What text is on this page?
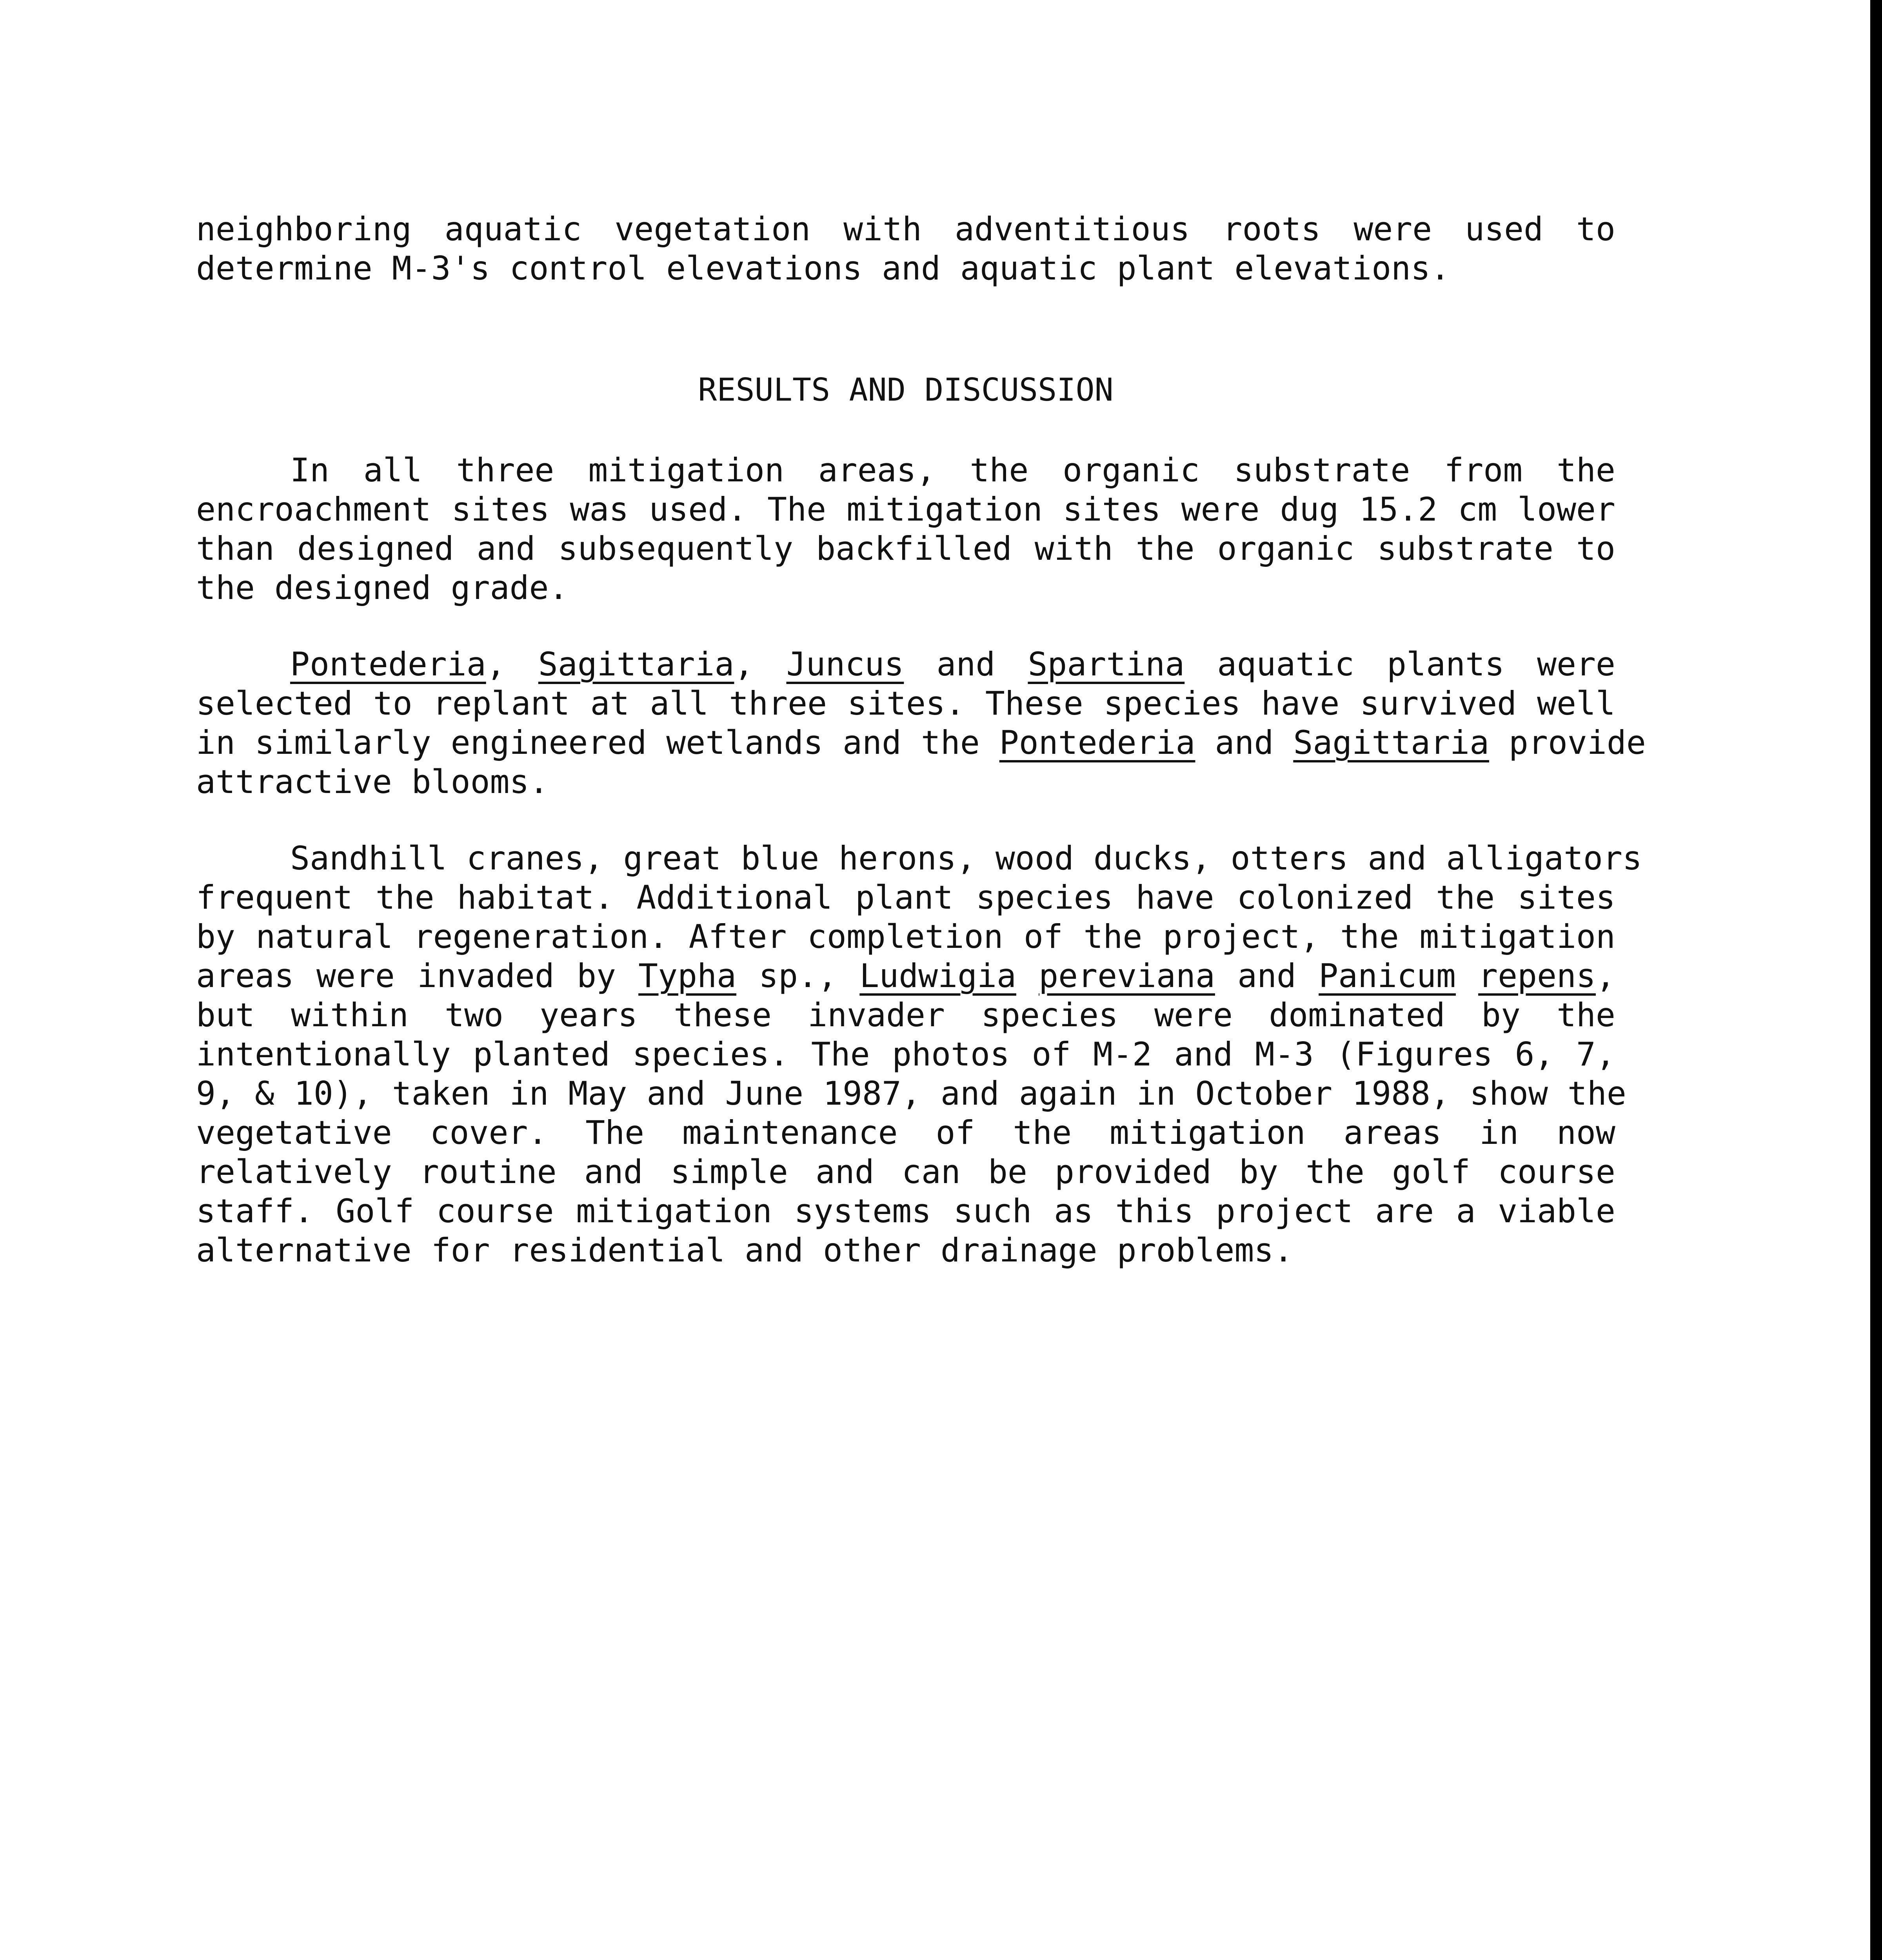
neighboring aquatic vegetation with adventitious roots were used to
determine M-3's control elevations and aquatic plant elevations.
RESULTS AND DISCUSSION
In all three mitigation areas, the organic substrate from the
encroachment sites was used. The mitigation sites were dug 15.2 cm lower
than designed and subsequently backfilled with the organic substrate to
the designed grade.
Pontederia, Sagittaria, Juncus and Spartina aquatic plants were
selected to replant at all three sites. These species have survived well
in similarly engineered wetlands and the Pontederia and Sagittaria provide
attractive blooms.
Sandhill cranes, great blue herons, wood ducks, otters and alligators
frequent the habitat. Additional plant species have colonized the sites
by natural regeneration. After completion of the project, the mitigation
areas were invaded by Typha sp., Ludwigia pereviana and Panicum repens,
but within two years these invader species were dominated by the
intentionally planted species. The photos of M-2 and M-3 (Figures 6, 7,
9, & 10), taken in May and June 1987, and again in October 1988, show the
vegetative cover. The maintenance of the mitigation areas in now
relatively routine and simple and can be provided by the golf course
staff. Golf course mitigation systems such as this project are a viable
alternative for residential and other drainage problems.
